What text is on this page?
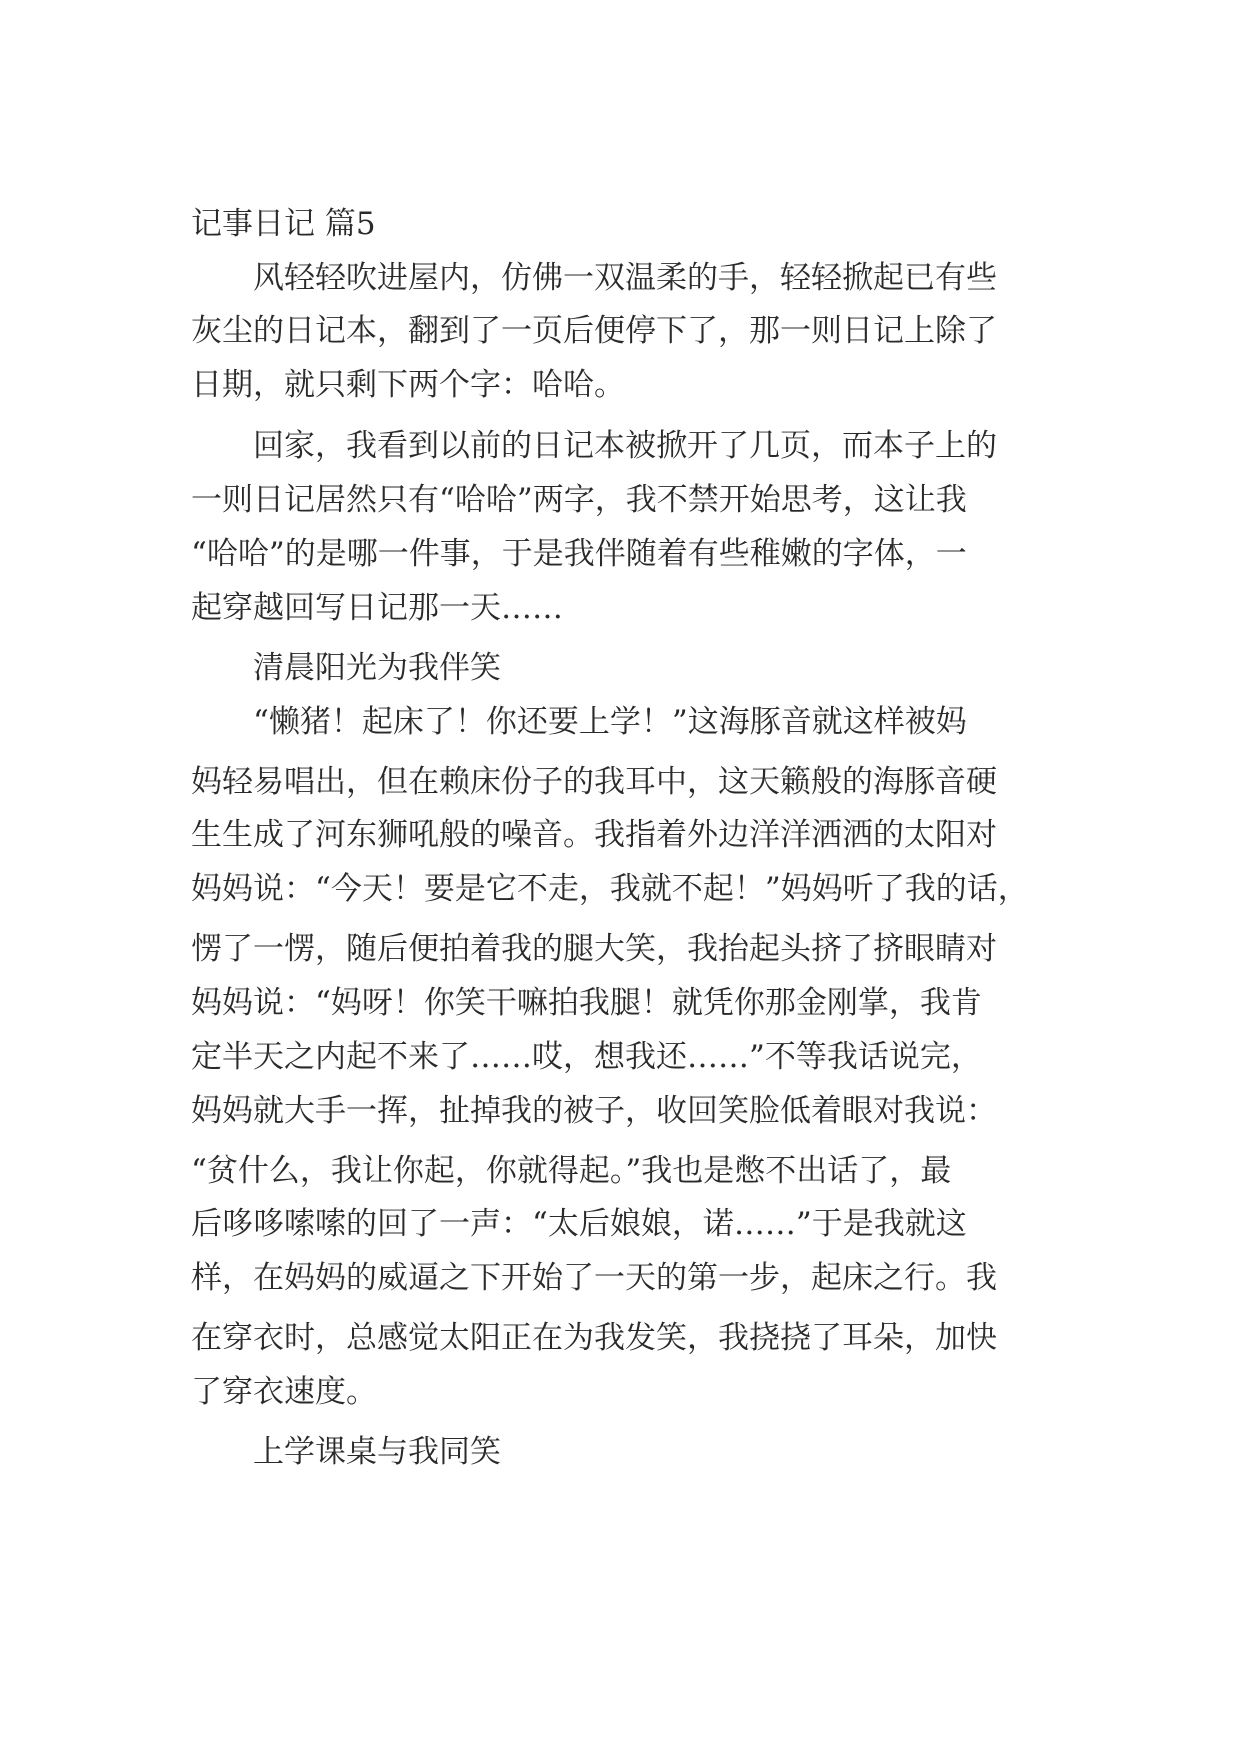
记事日记 篇5
风轻轻吹进屋内，仿佛一双温柔的手，轻轻掀起已有些
灰尘的日记本，翻到了一页后便停下了，那一则日记上除了
日期，就只剩下两个字：哈哈。
回家，我看到以前的日记本被掀开了几页，而本子上的
一则日记居然只有“哈哈”两字，我不禁开始思考，这让我
“哈哈”的是哪一件事，于是我伴随着有些稚嫩的字体，一
起穿越回写日记那一天……
清晨阳光为我伴笑
“懒猪！起床了！你还要上学！”这海豚音就这样被妈
妈轻易唱出，但在赖床份子的我耳中，这天籁般的海豚音硬
生生成了河东狮吼般的噪音。我指着外边洋洋洒洒的太阳对
妈妈说：“今天！要是它不走，我就不起！”妈妈听了我的话，
愣了一愣，随后便拍着我的腿大笑，我抬起头挤了挤眼睛对
妈妈说：“妈呀！你笑干嘛拍我腿！就凭你那金刚掌，我肯
定半天之内起不来了……哎，想我还……”不等我话说完，
妈妈就大手一挥，扯掉我的被子，收回笑脸低着眼对我说：
“贫什么，我让你起，你就得起。”我也是憋不出话了，最
后哆哆嗦嗦的回了一声：“太后娘娘，诺……”于是我就这
样，在妈妈的威逼之下开始了一天的第一步，起床之行。我
在穿衣时，总感觉太阳正在为我发笑，我挠挠了耳朵，加快
了穿衣速度。
上学课桌与我同笑
